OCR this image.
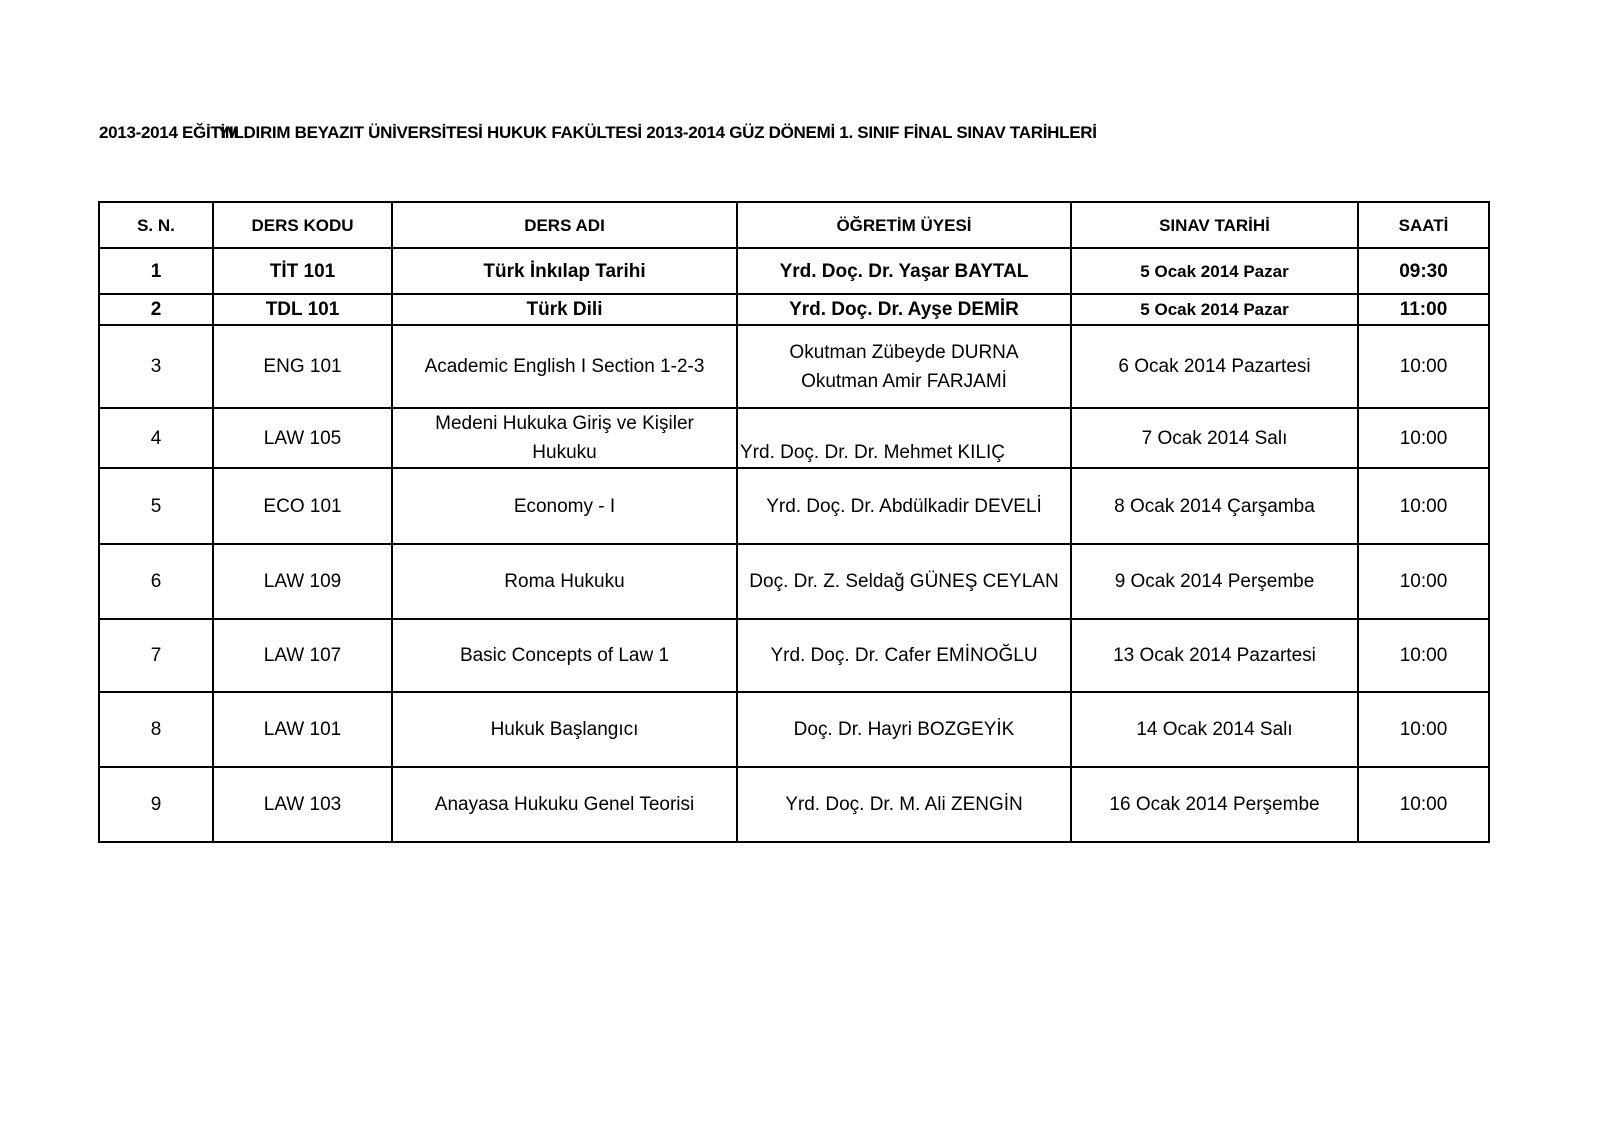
2013-2014 EĞİTİMYILDIRIM BEYAZIT ÜNİVERSİTESİ HUKUK FAKÜLTESİ 2013-2014 GÜZ DÖNEMİ 1. SINIF FİNAL SINAV TARİHLERİ
S. N.	DERS KODU	DERS ADI	ÖĞRETİM ÜYESİ	SINAV TARİHİ	SAATİ
1	TİT 101	Türk İnkılap Tarihi	Yrd. Doç. Dr. Yaşar BAYTAL	5 Ocak 2014 Pazar	09:30
2	TDL 101	Türk Dili	Yrd. Doç. Dr. Ayşe DEMİR	5 Ocak 2014 Pazar	11:00
3	ENG 101	Academic English I Section 1-2-3	Okutman Zübeyde DURNA
Okutman Amir FARJAMİ	6 Ocak 2014 Pazartesi	10:00
4	LAW 105	Medeni Hukuka Giriş ve Kişiler
Hukuku	Yrd. Doç. Dr. Dr. Mehmet KILIÇ	7 Ocak 2014 Salı	10:00
5	ECO 101	Economy - I	Yrd. Doç. Dr. Abdülkadir DEVELİ	8 Ocak 2014 Çarşamba	10:00
6	LAW 109	Roma Hukuku	Doç. Dr. Z. Seldağ GÜNEŞ CEYLAN	9 Ocak 2014 Perşembe	10:00
7	LAW 107	Basic Concepts of Law 1	Yrd. Doç. Dr. Cafer EMİNOĞLU	13 Ocak 2014 Pazartesi	10:00
8	LAW 101	Hukuk Başlangıcı	Doç. Dr. Hayri BOZGEYİK	14 Ocak 2014 Salı	10:00
9	LAW 103	Anayasa Hukuku Genel Teorisi	Yrd. Doç. Dr. M. Ali ZENGİN	16 Ocak 2014 Perşembe	10:00
